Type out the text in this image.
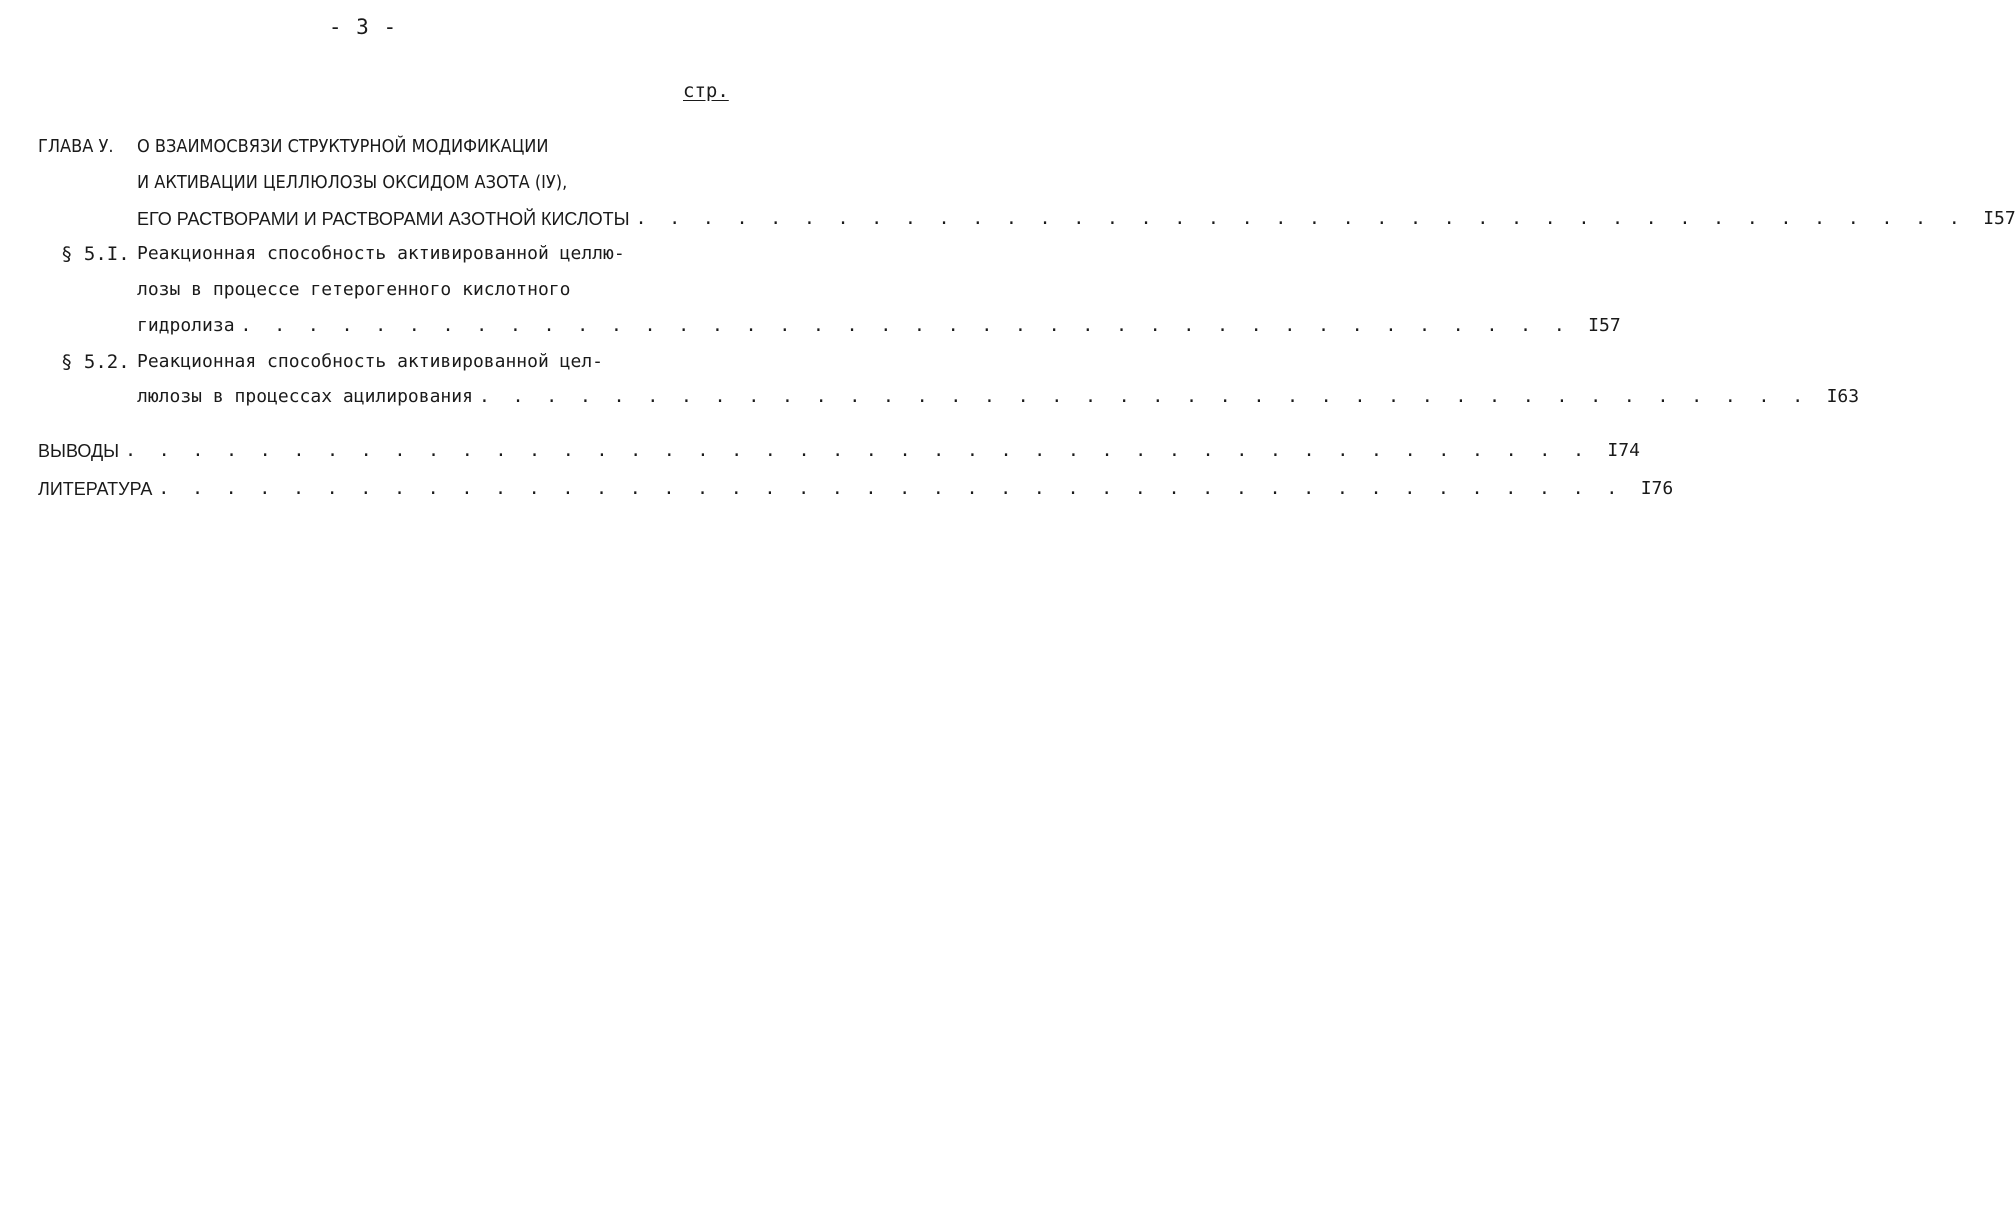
- 3 -
стр.
ГЛАВА У. О ВЗАИМОСВЯЗИ СТРУКТУРНОЙ МОДИФИКАЦИИ
И АКТИВАЦИИ ЦЕЛЛЮЛОЗЫ ОКСИДОМ АЗОТА (IУ),
ЕГО РАСТВОРАМИ И РАСТВОРАМИ АЗОТНОЙ КИСЛОТЫ . . . . . . . . . . . . . . . . . . . . . . . . . . . . . . . . . . . . . . . . I57
§ 5.I. Реакционная способность активированной целлю-
лозы в процессе гетерогенного кислотного
гидролиза . . . . . . . . . . . . . . . . . . . . . . . . . . . . . . . . . . . . . . . . I57
§ 5.2. Реакционная способность активированной цел-
люлозы в процессах ацилирования . . . . . . . . . . . . . . . . . . . . . . . . . . . . . . . . . . . . . . . . I63
ВЫВОДЫ . . . . . . . . . . . . . . . . . . . . . . . . . . . . . . . . . . . . . . . . . . . . I74
ЛИТЕРАТУРА . . . . . . . . . . . . . . . . . . . . . . . . . . . . . . . . . . . . . . . . . . . . I76
